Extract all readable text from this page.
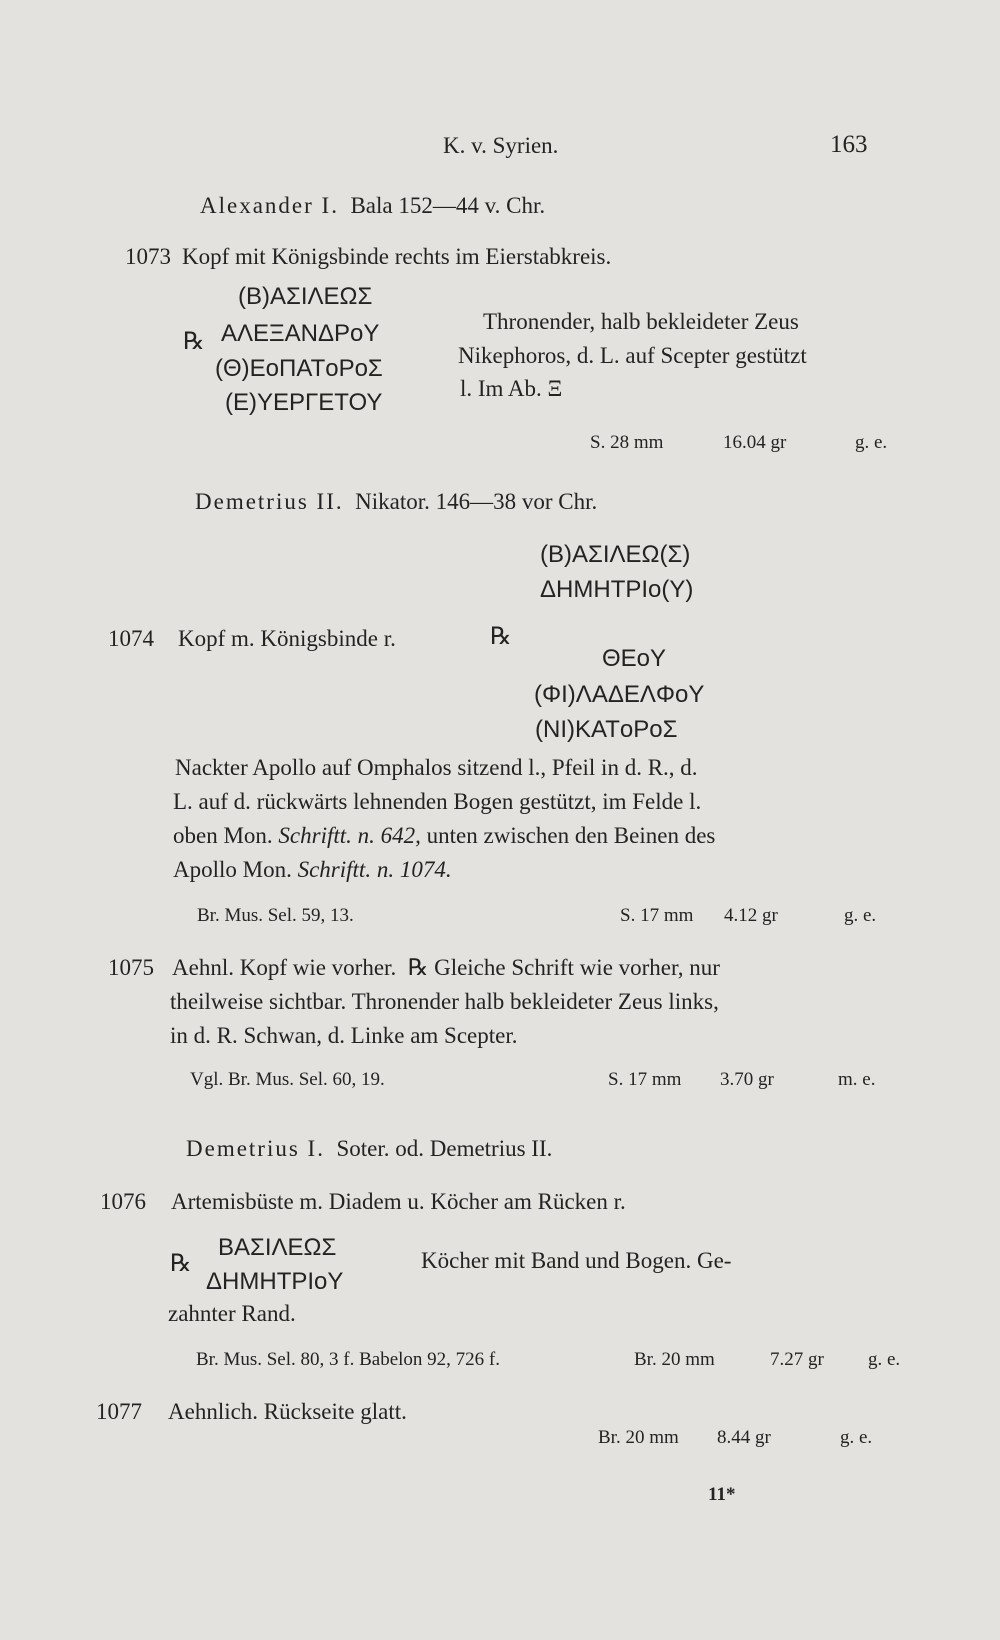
K. v. Syrien.	163
Alexander I. Bala 152—44 v. Chr.
1073 Kopf mit Königsbinde rechts im Eierstabkreis.
℞
(B)ΑΣΙΛΕΩΣ
ΑΛΕΞΑΝΔΡoY
(Θ)ΕoΠΑΤoΡoΣ
(Ε)ΥΕΡΓΕΤΟΥ
Thronender, halb bekleideter Zeus
Nikephoros, d. L. auf Scepter gestützt
l. Im Ab. Ξ
S. 28 mm	16.04 gr	g. e.
Demetrius II. Nikator. 146—38 vor Chr.
(B)ΑΣΙΛΕΩ(Σ)
ΔΗΜΗΤΡΙo(Υ)
1074 Kopf m. Königsbinde r.	℞
ΘΕoΥ
(ΦΙ)ΛΑΔΕΛΦoΥ
(ΝΙ)ΚΑΤoΡoΣ
Nackter Apollo auf Omphalos sitzend l., Pfeil in d. R., d.
L. auf d. rückwärts lehnenden Bogen gestützt, im Felde l.
oben Mon. Schriftt. n. 642, unten zwischen den Beinen des
Apollo Mon. Schriftt. n. 1074.
Br. Mus. Sel. 59, 13.	S. 17 mm 4.12 gr	g. e.
1075 Aehnl. Kopf wie vorher. ℞ Gleiche Schrift wie vorher, nur
theilweise sichtbar. Thronender halb bekleideter Zeus links,
in d. R. Schwan, d. Linke am Scepter.
Vgl. Br. Mus. Sel. 60, 19.	S. 17 mm 3.70 gr	m. e.
Demetrius I. Soter. od. Demetrius II.
1076 Artemisbüste m. Diadem u. Köcher am Rücken r.
℞
ΒΑΣΙΛΕΩΣ
ΔΗΜΗΤΡΙoΥ
Köcher mit Band und Bogen. Ge-
zahnter Rand.
Br. Mus. Sel. 80, 3 f. Babelon 92, 726 f.	Br. 20 mm	7.27 gr g. e.
1077 Aehnlich. Rückseite glatt.
Br. 20 mm 8.44 gr	g. e.
11*
